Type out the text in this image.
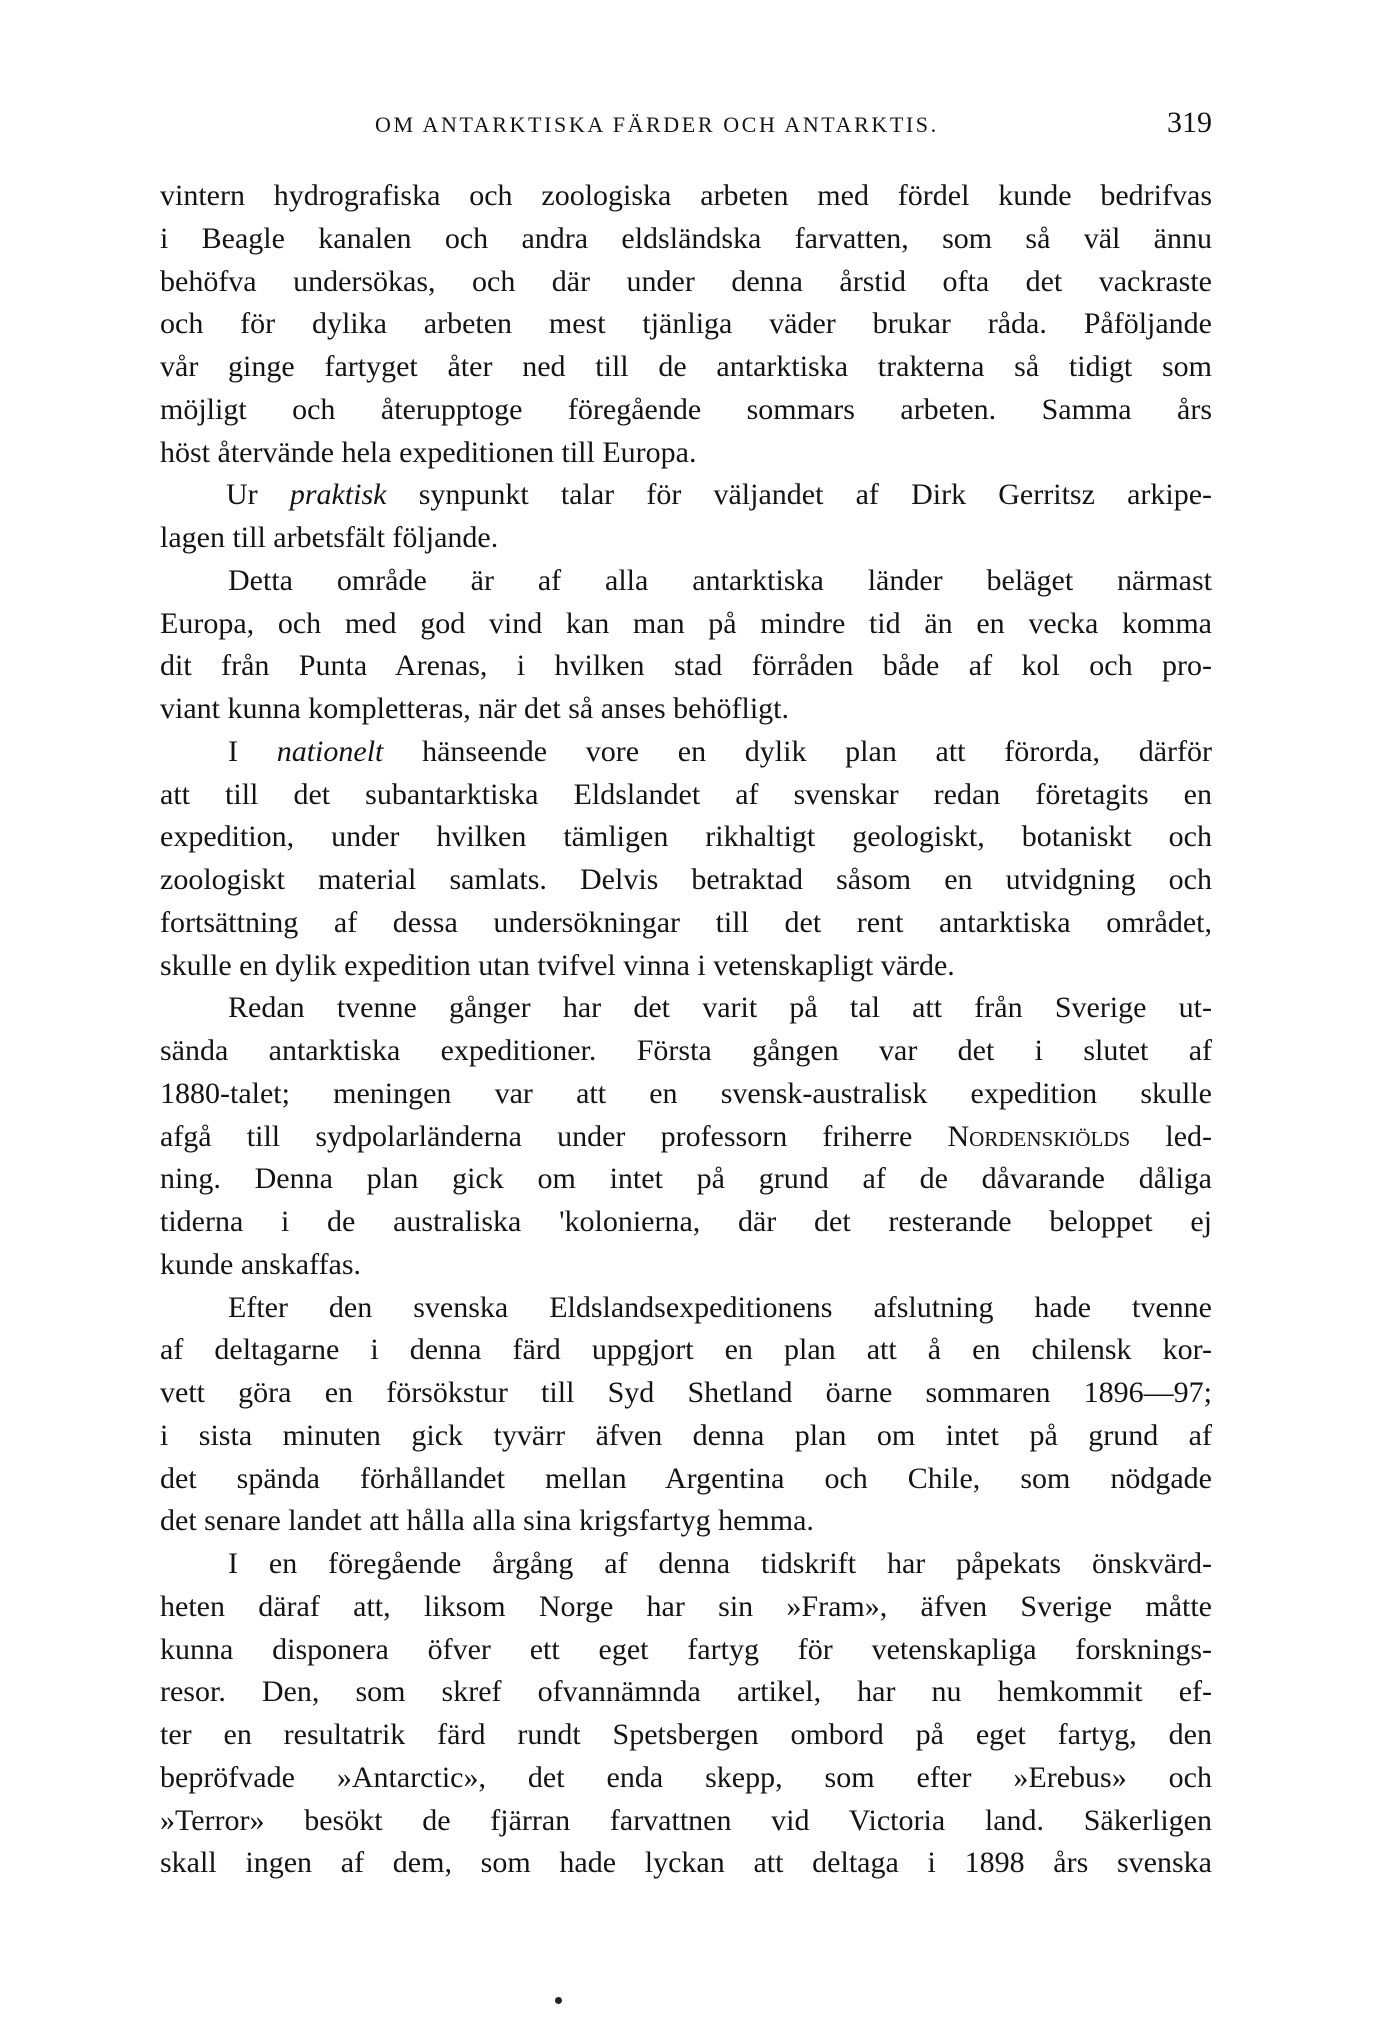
OM ANTARKTISKA FÄRDER OCH ANTARKTIS.	319
vintern hydrografiska och zoologiska arbeten med fördel kunde bedrifvas
i Beagle kanalen och andra eldsländska farvatten, som så väl ännu
behöfva undersökas, och där under denna årstid ofta det vackraste
och för dylika arbeten mest tjänliga väder brukar råda. Påföljande
vår ginge fartyget åter ned till de antarktiska trakterna så tidigt som
möjligt och återupptoge föregående sommars arbeten. Samma års
höst återvände hela expeditionen till Europa.
Ur praktisk synpunkt talar för väljandet af Dirk Gerritsz arkipe-
lagen till arbetsfält följande.
Detta område är af alla antarktiska länder beläget närmast
Europa, och med god vind kan man på mindre tid än en vecka komma
dit från Punta Arenas, i hvilken stad förråden både af kol och pro-
viant kunna kompletteras, när det så anses behöfligt.
I nationelt hänseende vore en dylik plan att förorda, därför
att till det subantarktiska Eldslandet af svenskar redan företagits en
expedition, under hvilken tämligen rikhaltigt geologiskt, botaniskt och
zoologiskt material samlats. Delvis betraktad såsom en utvidgning och
fortsättning af dessa undersökningar till det rent antarktiska området,
skulle en dylik expedition utan tvifvel vinna i vetenskapligt värde.
Redan tvenne gånger har det varit på tal att från Sverige ut-
sända antarktiska expeditioner. Första gången var det i slutet af
1880-talet; meningen var att en svensk-australisk expedition skulle
afgå till sydpolarländerna under professorn friherre Nordenskiölds led-
ning. Denna plan gick om intet på grund af de dåvarande dåliga
tiderna i de australiska 'kolonierna, där det resterande beloppet ej
kunde anskaffas.
Efter den svenska Eldslandsexpeditionens afslutning hade tvenne
af deltagarne i denna färd uppgjort en plan att å en chilensk kor-
vett göra en försökstur till Syd Shetland öarne sommaren 1896—97;
i sista minuten gick tyvärr äfven denna plan om intet på grund af
det spända förhållandet mellan Argentina och Chile, som nödgade
det senare landet att hålla alla sina krigsfartyg hemma.
I en föregående årgång af denna tidskrift har påpekats önskvärd-
heten däraf att, liksom Norge har sin »Fram», äfven Sverige måtte
kunna disponera öfver ett eget fartyg för vetenskapliga forsknings-
resor. Den, som skref ofvannämnda artikel, har nu hemkommit ef-
ter en resultatrik färd rundt Spetsbergen ombord på eget fartyg, den
bepröfvade »Antarctic», det enda skepp, som efter »Erebus» och
»Terror» besökt de fjärran farvattnen vid Victoria land. Säkerligen
skall ingen af dem, som hade lyckan att deltaga i 1898 års svenska
